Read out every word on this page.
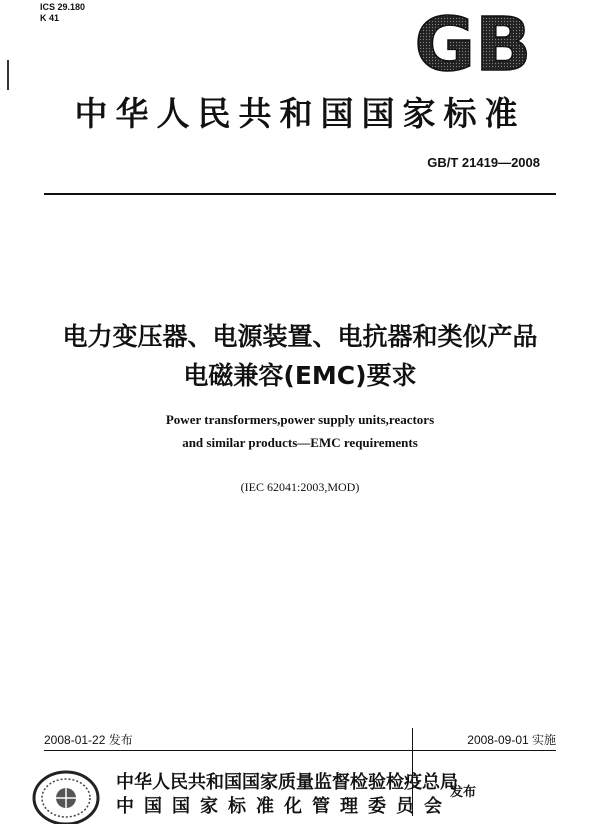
ICS 29.180
K 41	GB
中华人民共和国国家标准
GB/T 21419—2008
电力变压器、电源装置、电抗器和类似产品
电磁兼容(EMC)要求
Power transformers,power supply units,reactors
and similar products—EMC requirements
(IEC 62041:2003,MOD)
2008-01-22 发布	2008-09-01 实施
中华人民共和国国家质量监督检验检疫总局
中国国家标准化管理委员会
发布
